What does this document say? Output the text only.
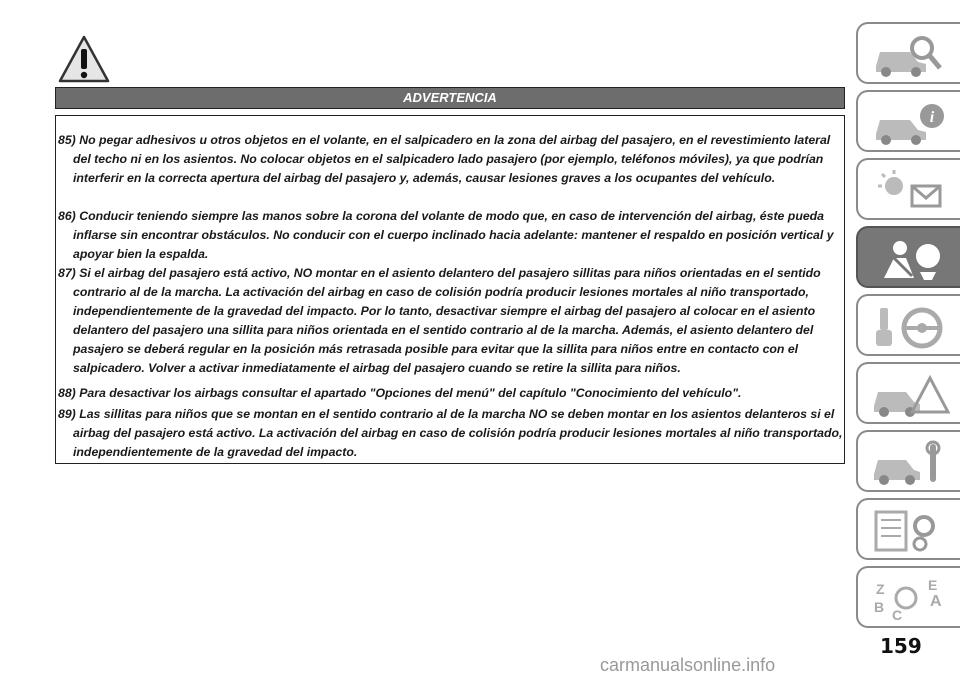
ADVERTENCIA
85) No pegar adhesivos u otros objetos en el volante, en el salpicadero en la zona del airbag del pasajero, en el revestimiento lateral del techo ni en los asientos. No colocar objetos en el salpicadero lado pasajero (por ejemplo, teléfonos móviles), ya que podrían interferir en la correcta apertura del airbag del pasajero y, además, causar lesiones graves a los ocupantes del vehículo.
86) Conducir teniendo siempre las manos sobre la corona del volante de modo que, en caso de intervención del airbag, éste pueda inflarse sin encontrar obstáculos. No conducir con el cuerpo inclinado hacia adelante: mantener el respaldo en posición vertical y apoyar bien la espalda.
87) Si el airbag del pasajero está activo, NO montar en el asiento delantero del pasajero sillitas para niños orientadas en el sentido contrario al de la marcha. La activación del airbag en caso de colisión podría producir lesiones mortales al niño transportado, independientemente de la gravedad del impacto. Por lo tanto, desactivar siempre el airbag del pasajero al colocar en el asiento delantero del pasajero una sillita para niños orientada en el sentido contrario al de la marcha. Además, el asiento delantero del pasajero se deberá regular en la posición más retrasada posible para evitar que la sillita para niños entre en contacto con el salpicadero. Volver a activar inmediatamente el airbag del pasajero cuando se retire la sillita para niños.
88) Para desactivar los airbags consultar el apartado "Opciones del menú" del capítulo "Conocimiento del vehículo".
89) Las sillitas para niños que se montan en el sentido contrario al de la marcha NO se deben montar en los asientos delanteros si el airbag del pasajero está activo. La activación del airbag en caso de colisión podría producir lesiones mortales al niño transportado, independientemente de la gravedad del impacto.
i
Z
B
E
A
C
159
carmanualsonline.info
